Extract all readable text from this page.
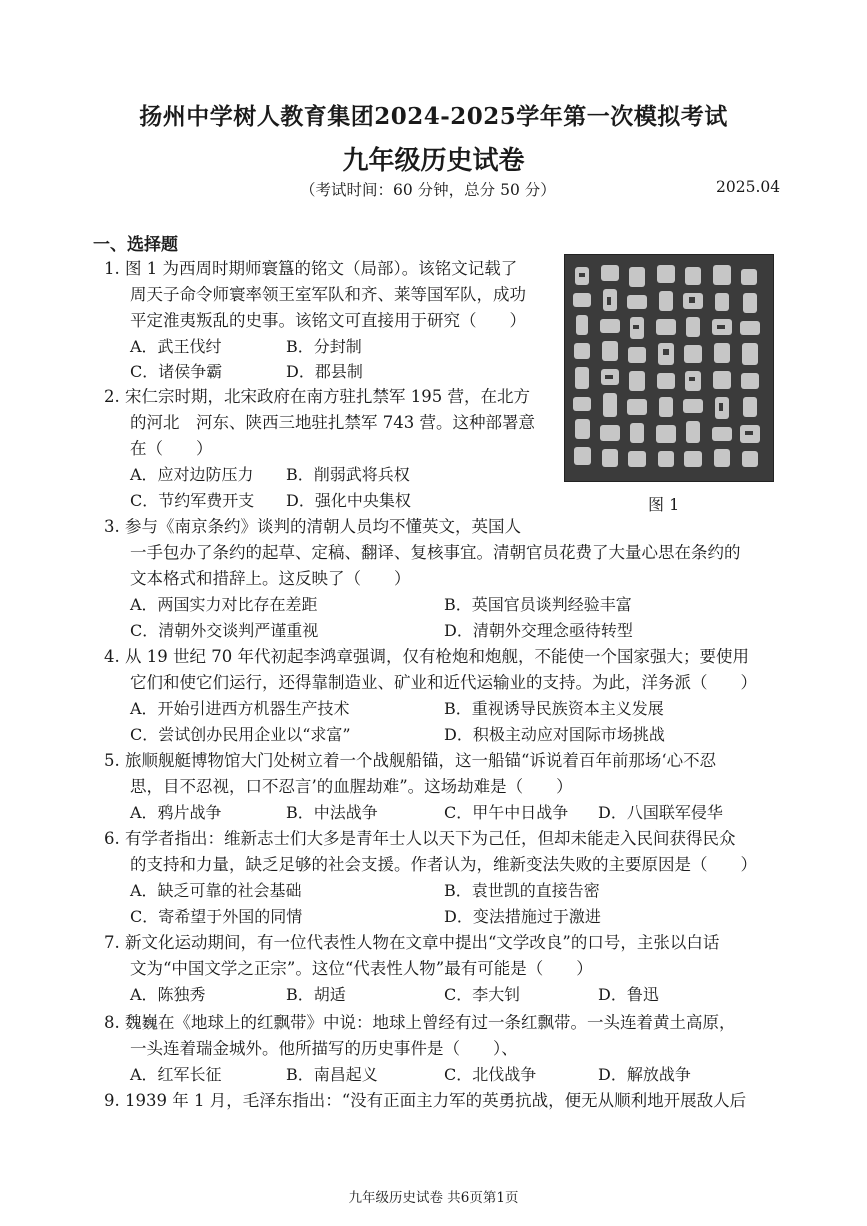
扬州中学树人教育集团2024-2025学年第一次模拟考试
九年级历史试卷
（考试时间：60 分钟，总分 50 分）	2025.04
一、选择题
1. 图 1 为西周时期师寰簋的铭文（局部）。该铭文记载了
周天子命令师寰率领王室军队和齐、莱等国军队，成功
平定淮夷叛乱的史事。该铭文可直接用于研究（　　）
A．武王伐纣	B．分封制
C．诸侯争霸	D．郡县制
2. 宋仁宗时期，北宋政府在南方驻扎禁军 195 营，在北方
的河北　河东、陕西三地驻扎禁军 743 营。这种部署意
在（　　）
A．应对边防压力 B．削弱武将兵权
C．节约军费开支 D．强化中央集权	图 1
3. 参与《南京条约》谈判的清朝人员均不懂英文，英国人
一手包办了条约的起草、定稿、翻译、复核事宜。清朝官员花费了大量心思在条约的
文本格式和措辞上。这反映了（　　）
A．两国实力对比存在差距	B．英国官员谈判经验丰富
C．清朝外交谈判严谨重视	D．清朝外交理念亟待转型
4. 从 19 世纪 70 年代初起李鸿章强调，仅有枪炮和炮舰，不能使一个国家强大；要使用
它们和使它们运行，还得靠制造业、矿业和近代运输业的支持。为此，洋务派（　　）
A．开始引进西方机器生产技术	B．重视诱导民族资本主义发展
C．尝试创办民用企业以“求富”	D．积极主动应对国际市场挑战
5. 旅顺舰艇博物馆大门处树立着一个战舰船锚，这一船锚“诉说着百年前那场‘心不忍
思，目不忍视，口不忍言’的血腥劫难”。这场劫难是（　　）
A．鸦片战争	B．中法战争	C．甲午中日战争 D．八国联军侵华
6. 有学者指出：维新志士们大多是青年士人以天下为己任，但却未能走入民间获得民众
的支持和力量，缺乏足够的社会支援。作者认为，维新变法失败的主要原因是（　　）
A．缺乏可靠的社会基础	B．袁世凯的直接告密
C．寄希望于外国的同情	D．变法措施过于激进
7. 新文化运动期间，有一位代表性人物在文章中提出“文学改良”的口号，主张以白话
文为“中国文学之正宗”。这位“代表性人物”最有可能是（　　）
A．陈独秀	B．胡适	C．李大钊	D．鲁迅
8. 魏巍在《地球上的红飘带》中说：地球上曾经有过一条红飘带。一头连着黄土高原，
一头连着瑞金城外。他所描写的历史事件是（　　）、
A．红军长征	B．南昌起义	C．北伐战争	D．解放战争
9. 1939 年 1 月，毛泽东指出：“没有正面主力军的英勇抗战，便无从顺利地开展敌人后
九年级历史试卷 共6页第1页
